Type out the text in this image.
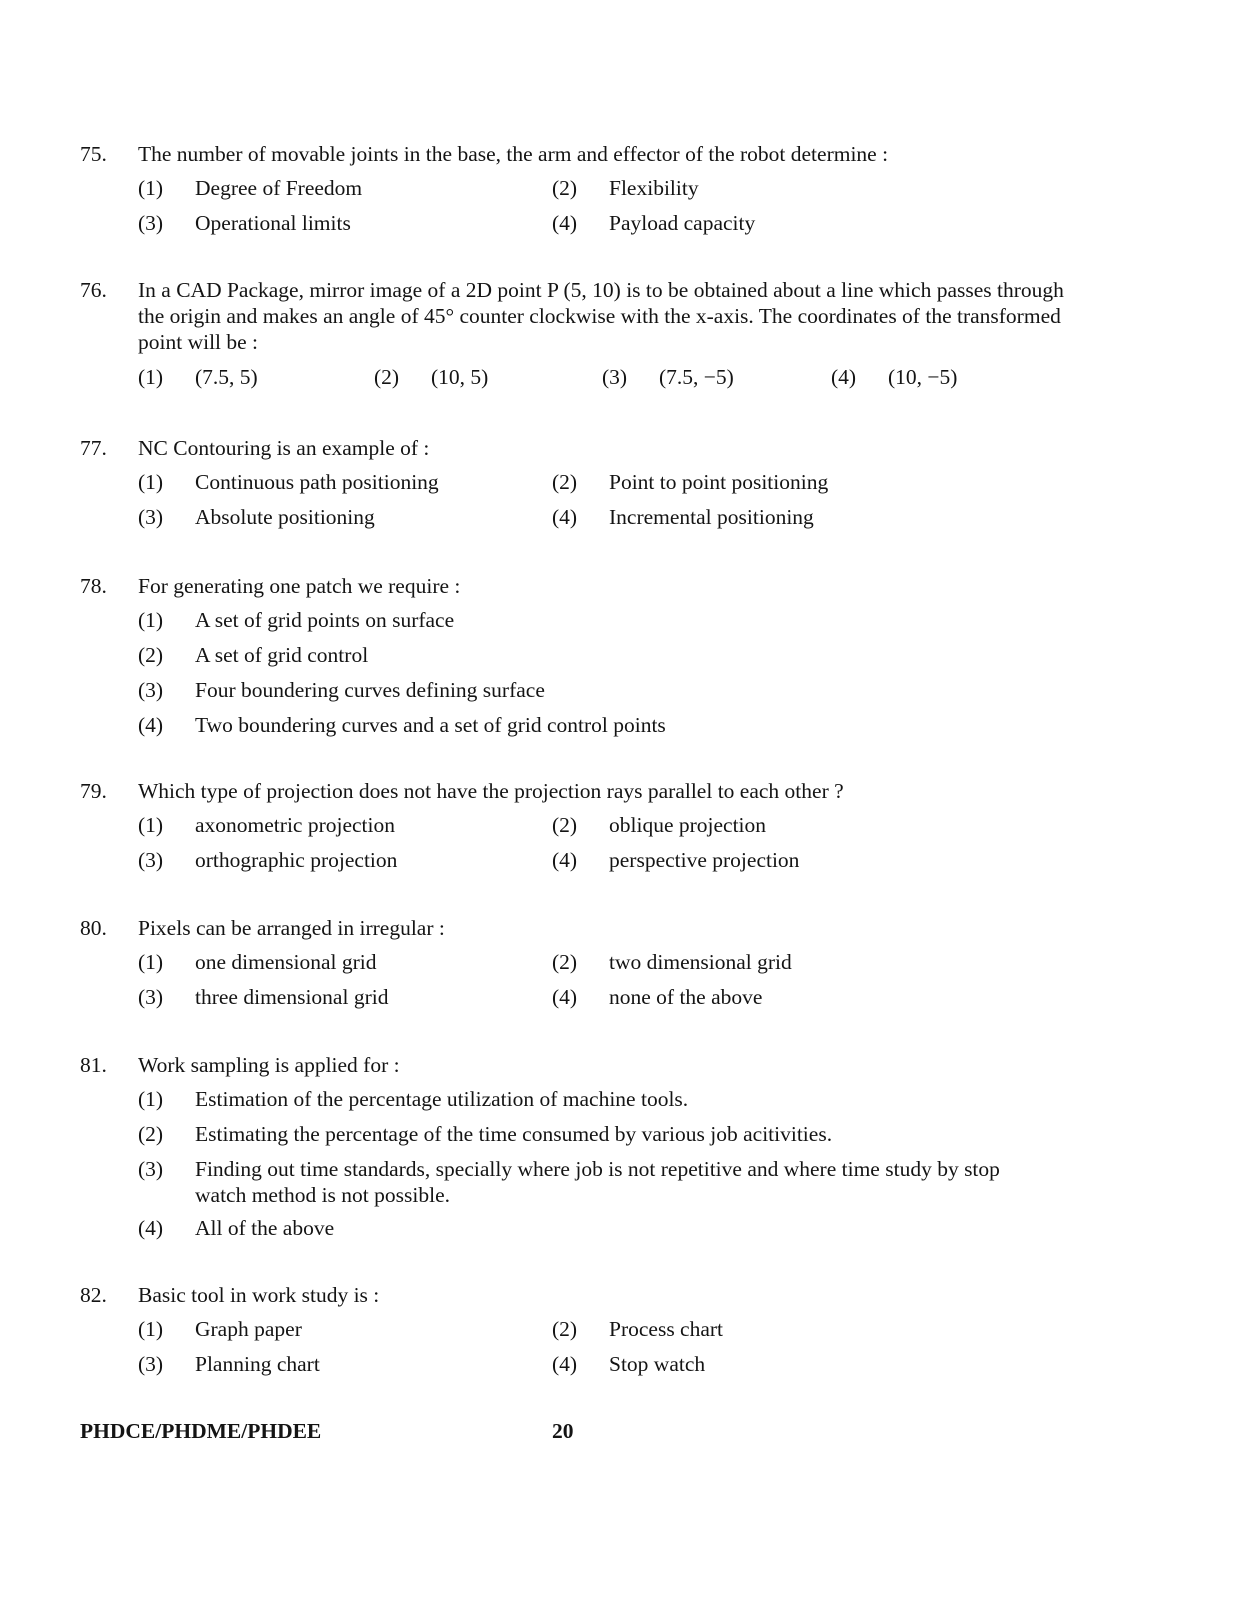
75.	The number of movable joints in the base, the arm and effector of the robot determine :
(1)	Degree of Freedom	(2)	Flexibility
(3)	Operational limits	(4)	Payload capacity
76.	In a CAD Package, mirror image of a 2D point P (5, 10) is to be obtained about a line which passes through the origin and makes an angle of 45° counter clockwise with the x-axis. The coordinates of the transformed point will be :
(1)	(7.5, 5)	(2)	(10, 5)	(3)	(7.5, −5)	(4)	(10, −5)
77.	NC Contouring is an example of :
(1)	Continuous path positioning	(2)	Point to point positioning
(3)	Absolute positioning	(4)	Incremental positioning
78.	For generating one patch we require :
(1)	A set of grid points on surface
(2)	A set of grid control
(3)	Four boundering curves defining surface
(4)	Two boundering curves and a set of grid control points
79.	Which type of projection does not have the projection rays parallel to each other ?
(1)	axonometric projection	(2)	oblique projection
(3)	orthographic projection	(4)	perspective projection
80.	Pixels can be arranged in irregular :
(1)	one dimensional grid	(2)	two dimensional grid
(3)	three dimensional grid	(4)	none of the above
81.	Work sampling is applied for :
(1)	Estimation of the percentage utilization of machine tools.
(2)	Estimating the percentage of the time consumed by various job acitivities.
(3)	Finding out time standards, specially where job is not repetitive and where time study by stop watch method is not possible.
(4)	All of the above
82.	Basic tool in work study is :
(1)	Graph paper	(2)	Process chart
(3)	Planning chart	(4)	Stop watch
PHDCE/PHDME/PHDEE	20
